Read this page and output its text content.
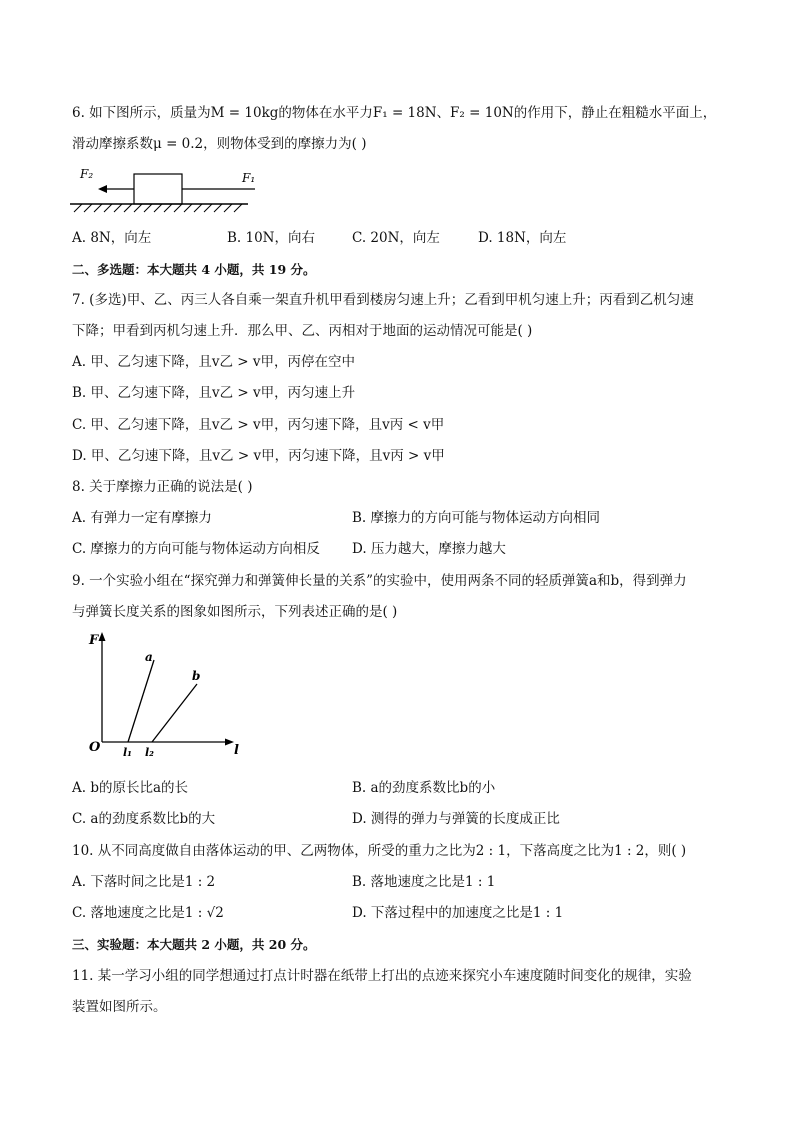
6. 如下图所示，质量为M = 10kg的物体在水平力F₁ = 18N、F₂ = 10N的作用下，静止在粗糙水平面上，
滑动摩擦系数μ = 0.2，则物体受到的摩擦力为( )
F₂	F₁
A. 8N，向左	B. 10N，向右	C. 20N，向左	D. 18N，向左
二、多选题：本大题共 4 小题，共 19 分。
7. (多选)甲、乙、丙三人各自乘一架直升机甲看到楼房匀速上升；乙看到甲机匀速上升；丙看到乙机匀速
下降；甲看到丙机匀速上升．那么甲、乙、丙相对于地面的运动情况可能是( )
A. 甲、乙匀速下降，且v乙 > v甲，丙停在空中
B. 甲、乙匀速下降，且v乙 > v甲，丙匀速上升
C. 甲、乙匀速下降，且v乙 > v甲，丙匀速下降，且v丙 < v甲
D. 甲、乙匀速下降，且v乙 > v甲，丙匀速下降，且v丙 > v甲
8. 关于摩擦力正确的说法是( )
A. 有弹力一定有摩擦力	B. 摩擦力的方向可能与物体运动方向相同
C. 摩擦力的方向可能与物体运动方向相反 D. 压力越大，摩擦力越大
9. 一个实验小组在“探究弹力和弹簧伸长量的关系”的实验中，使用两条不同的轻质弹簧a和b，得到弹力
与弹簧长度关系的图象如图所示，下列表述正确的是( )
F
O	l
a
b
l₁ l₂
A. b的原长比a的长	B. a的劲度系数比b的小
C. a的劲度系数比b的大	D. 测得的弹力与弹簧的长度成正比
10. 从不同高度做自由落体运动的甲、乙两物体，所受的重力之比为2 : 1，下落高度之比为1 : 2，则( )
A. 下落时间之比是1 : 2	B. 落地速度之比是1 : 1
C. 落地速度之比是1 : √2	D. 下落过程中的加速度之比是1 : 1
三、实验题：本大题共 2 小题，共 20 分。
11. 某一学习小组的同学想通过打点计时器在纸带上打出的点迹来探究小车速度随时间变化的规律，实验
装置如图所示。
